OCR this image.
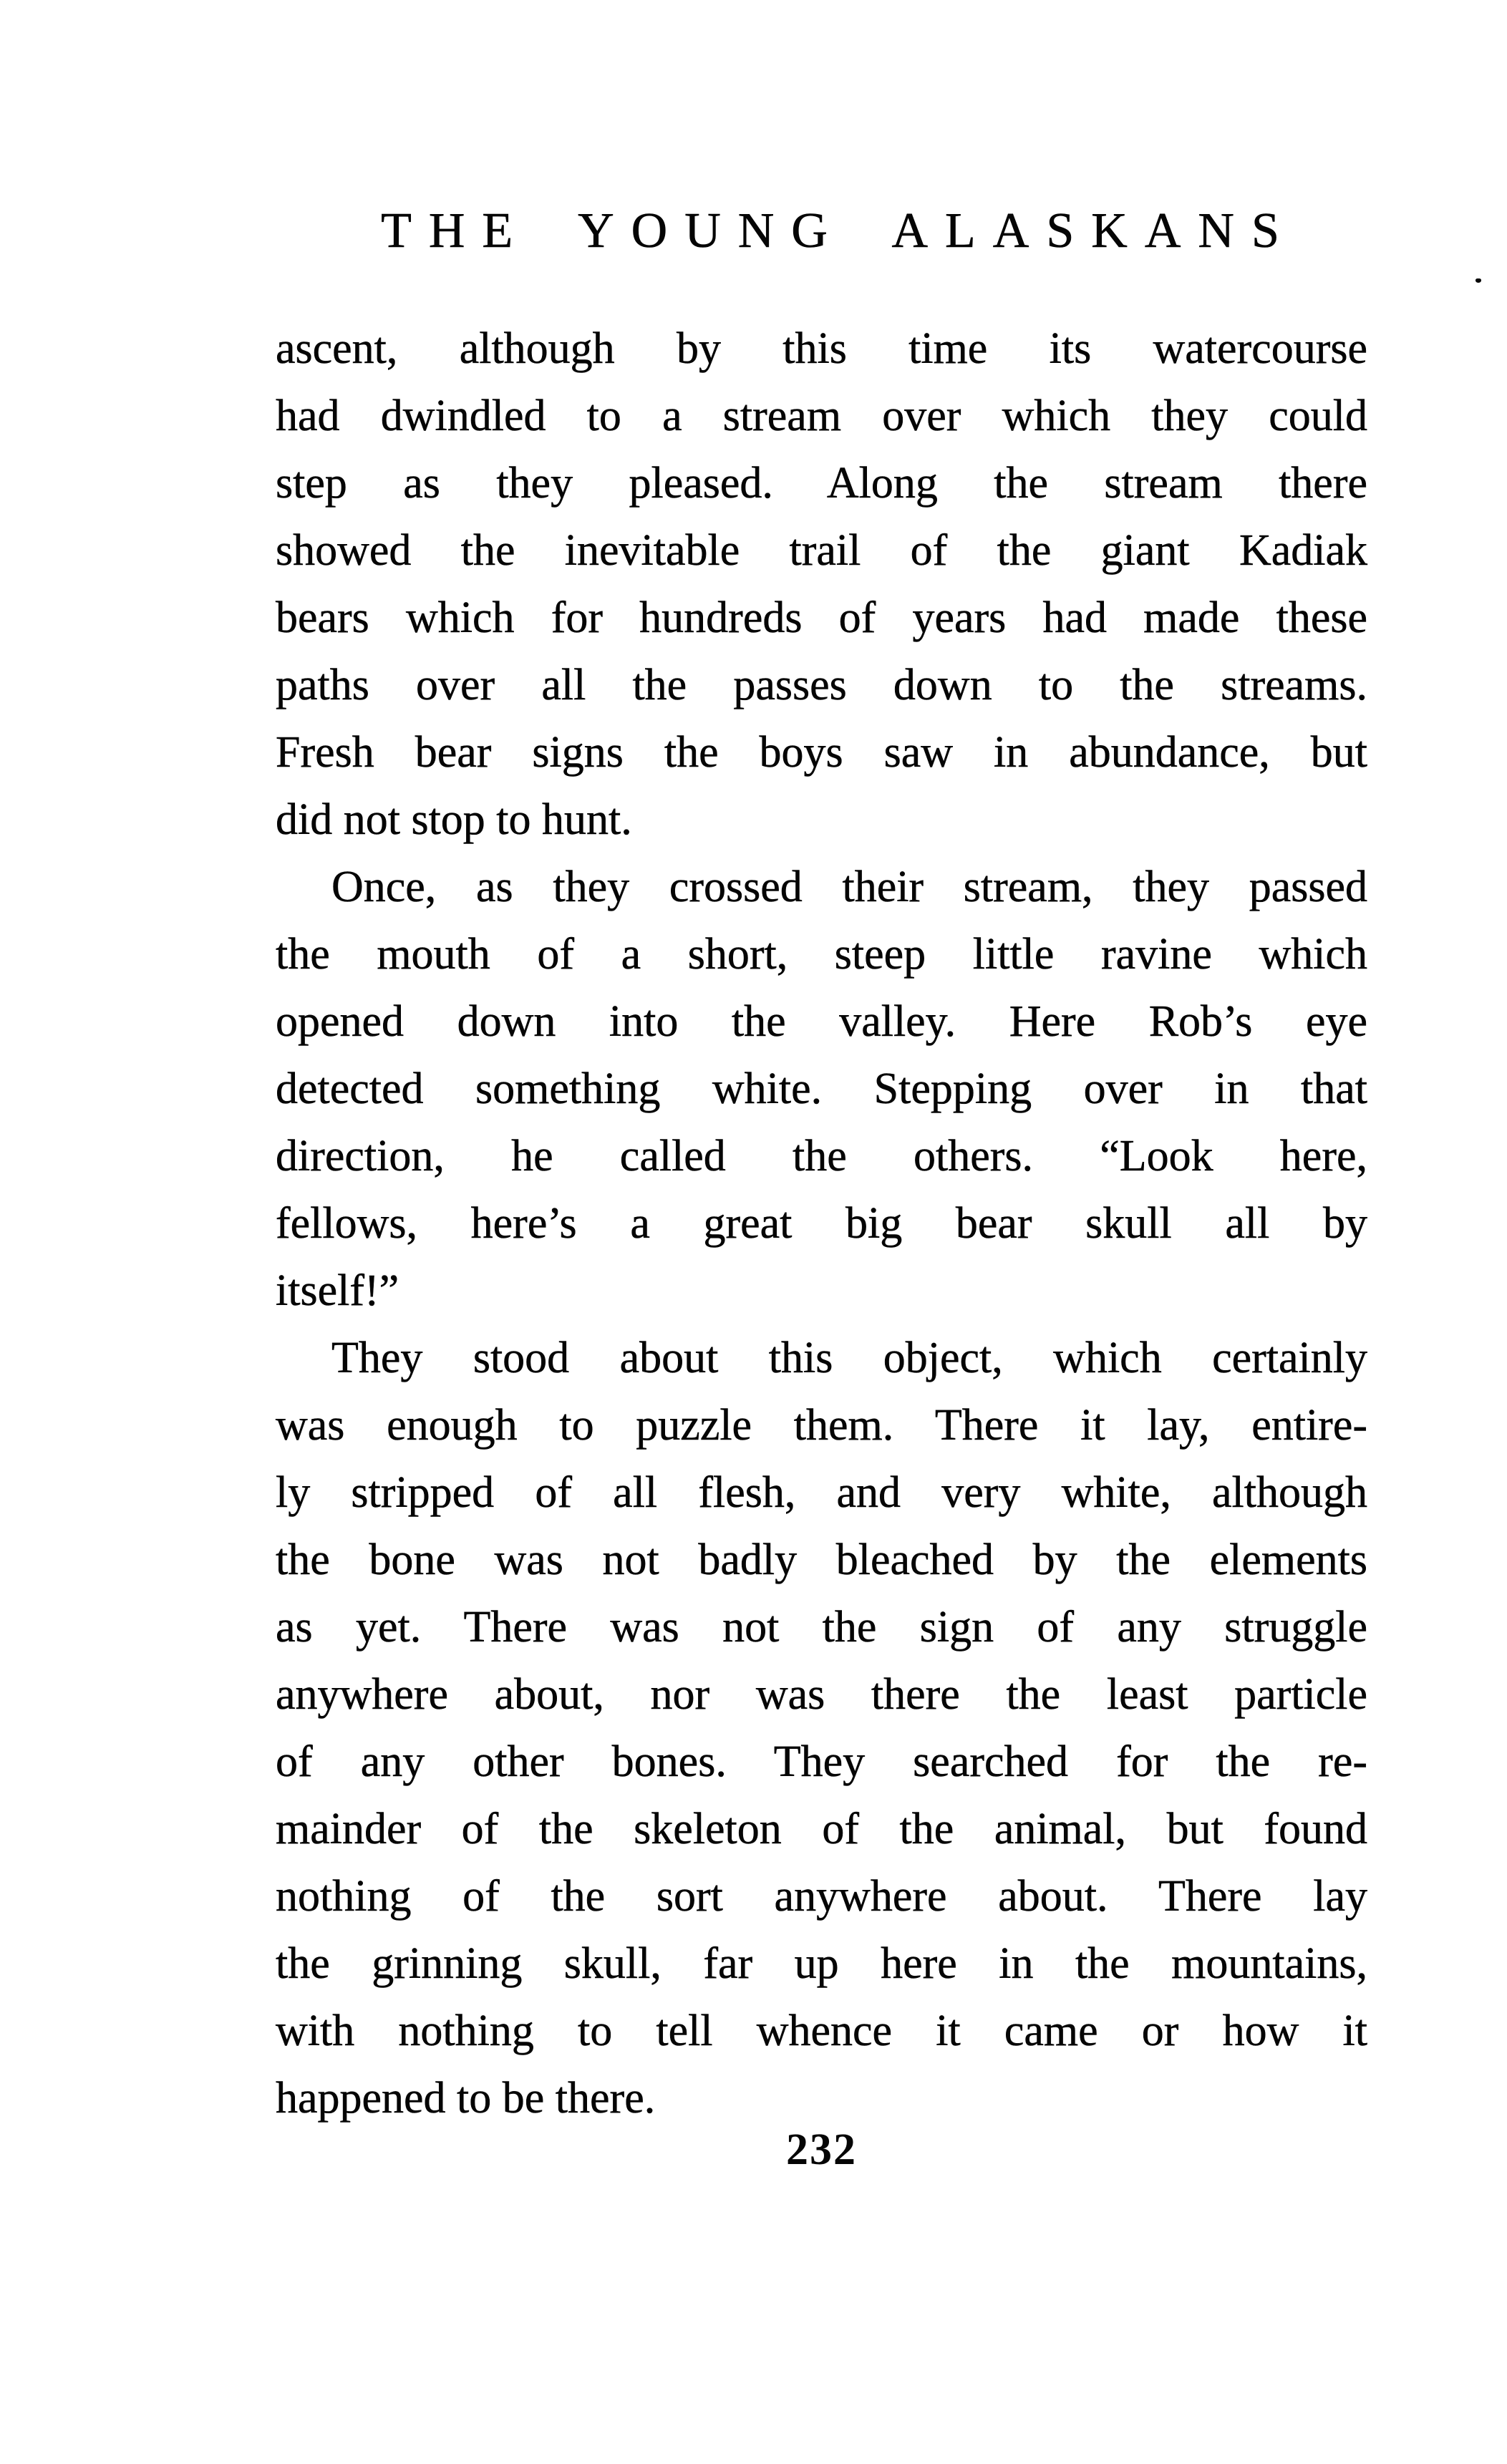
THE YOUNG ALASKANS
ascent, although by this time its watercourse
had dwindled to a stream over which they could
step as they pleased. Along the stream there
showed the inevitable trail of the giant Kadiak
bears which for hundreds of years had made these
paths over all the passes down to the streams.
Fresh bear signs the boys saw in abundance, but
did not stop to hunt.
Once, as they crossed their stream, they passed
the mouth of a short, steep little ravine which
opened down into the valley. Here Rob’s eye
detected something white. Stepping over in that
direction, he called the others. “Look here,
fellows, here’s a great big bear skull all by
itself!”
They stood about this object, which certainly
was enough to puzzle them. There it lay, entire-
ly stripped of all flesh, and very white, although
the bone was not badly bleached by the elements
as yet. There was not the sign of any struggle
anywhere about, nor was there the least particle
of any other bones. They searched for the re-
mainder of the skeleton of the animal, but found
nothing of the sort anywhere about. There lay
the grinning skull, far up here in the mountains,
with nothing to tell whence it came or how it
happened to be there.
232
